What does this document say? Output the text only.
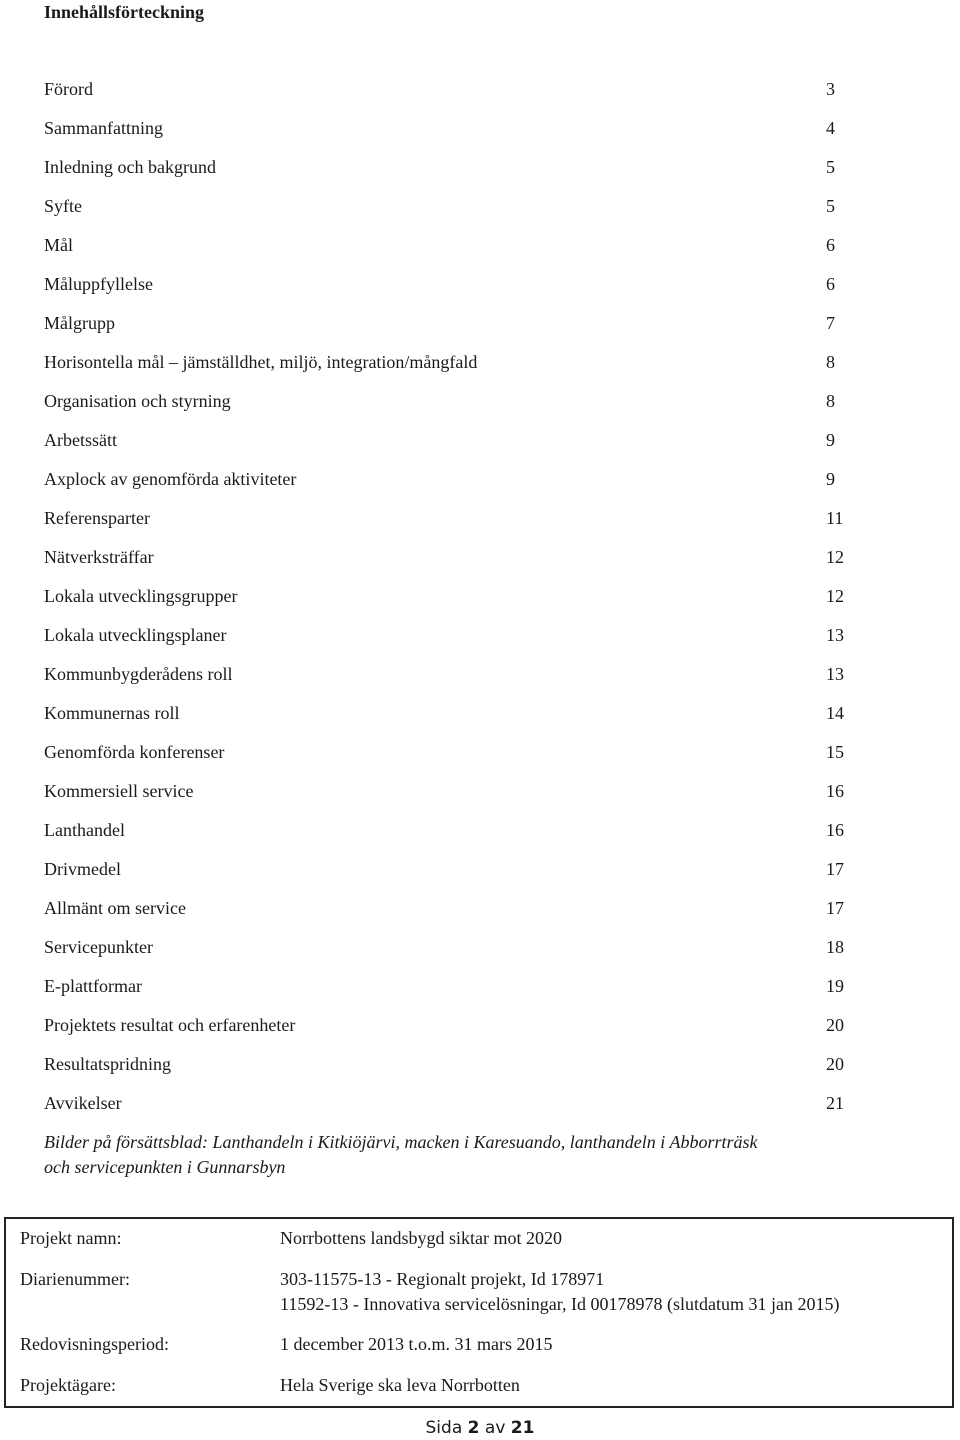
Innehållsförteckning
Förord	3
Sammanfattning	4
Inledning och bakgrund	5
Syfte	5
Mål	6
Måluppfyllelse	6
Målgrupp	7
Horisontella mål – jämställdhet, miljö, integration/mångfald	8
Organisation och styrning	8
Arbetssätt	9
Axplock av genomförda aktiviteter	9
Referensparter	11
Nätverksträffar	12
Lokala utvecklingsgrupper	12
Lokala utvecklingsplaner	13
Kommunbygderådens roll	13
Kommunernas roll	14
Genomförda konferenser	15
Kommersiell service	16
Lanthandel	16
Drivmedel	17
Allmänt om service	17
Servicepunkter	18
E-plattformar	19
Projektets resultat och erfarenheter	20
Resultatspridning	20
Avvikelser	21
Bilder på försättsblad: Lanthandeln i Kitkiöjärvi, macken i Karesuando, lanthandeln i Abborrträsk
och servicepunkten i Gunnarsbyn
Projekt namn:	Norrbottens landsbygd siktar mot 2020
Diarienummer:	303-11575-13 - Regionalt projekt, Id 178971
11592-13 - Innovativa servicelösningar, Id 00178978 (slutdatum 31 jan 2015)
Redovisningsperiod:	1 december 2013 t.o.m. 31 mars 2015
Projektägare:	Hela Sverige ska leva Norrbotten
Sida 2 av 21
